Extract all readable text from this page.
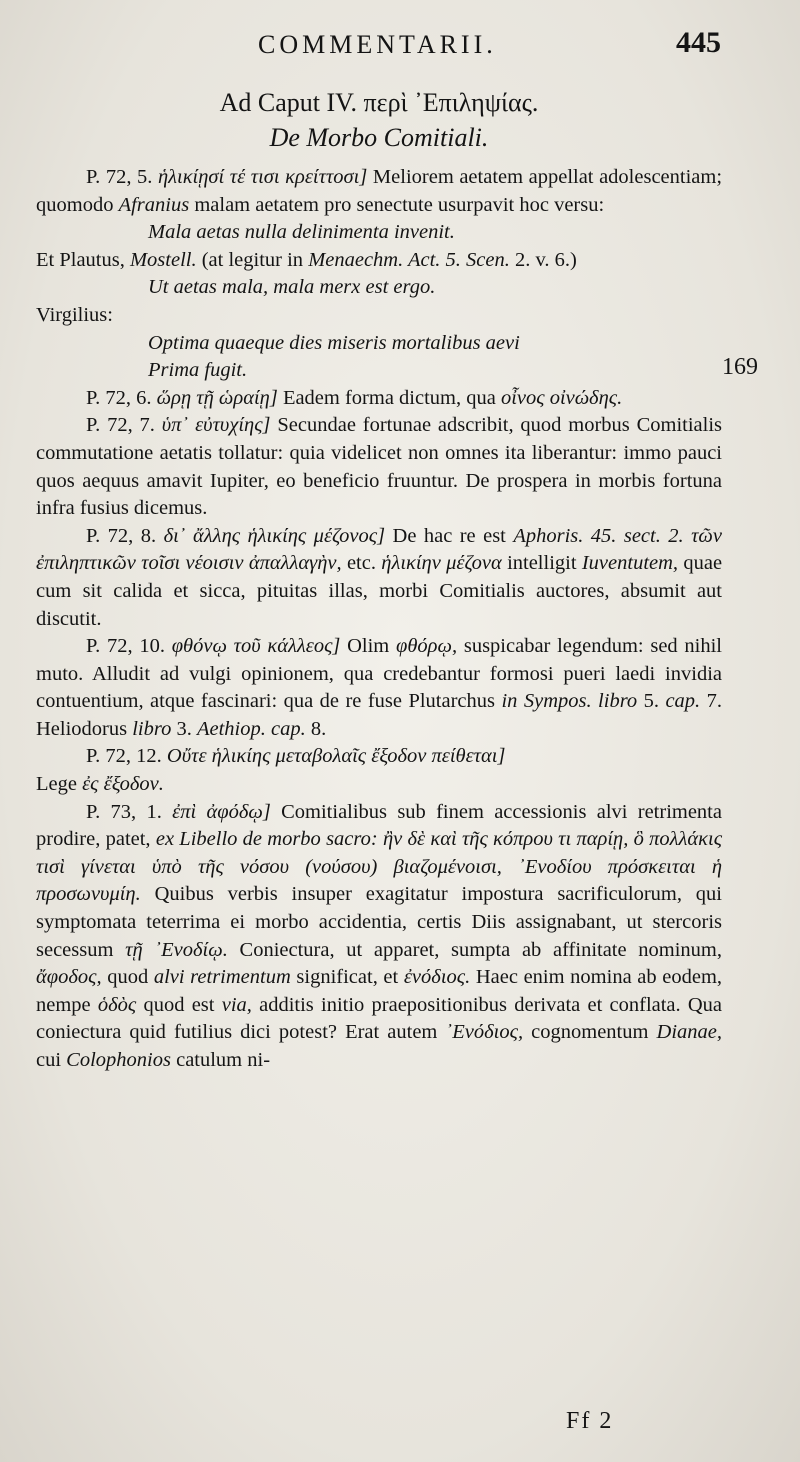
COMMENTARII.	445
169

Ad Caput IV. περὶ ᾿Επιληψίας.

De Morbo Comitiali.

P. 72, 5. ἡλικίῃσί τέ τισι κρείττοσι] Meliorem aetatem appellat adolescentiam; quomodo Afranius malam aetatem pro senectute usurpavit hoc versu:

Mala aetas nulla delinimenta invenit.

Et Plautus, Mostell. (at legitur in Menaechm. Act. 5. Scen. 2. v. 6.)

Ut aetas mala, mala merx est ergo.

Virgilius:

Optima quaeque dies miseris mortalibus aevi

Prima fugit.

P. 72, 6. ὥρῃ τῇ ὡραίῃ] Eadem forma dictum, qua οἶνος οἰνώδης.

P. 72, 7. ὑπ᾿ εὐτυχίης] Secundae fortunae adscribit, quod morbus Comitialis commutatione aetatis tollatur: quia videlicet non omnes ita liberantur: immo pauci quos aequus amavit Iupiter, eo beneficio fruuntur. De prospera in morbis fortuna infra fusius dicemus.

P. 72, 8. δι᾿ ἄλλης ἡλικίης μέζονος] De hac re est Aphoris. 45. sect. 2. τῶν ἐπιληπτικῶν τοῖσι νέοισιν ἀπαλλαγὴν, etc. ἡλικίην μέζονα intelligit Iuventutem, quae cum sit calida et sicca, pituitas illas, morbi Comitialis auctores, absumit aut discutit.

P. 72, 10. φθόνῳ τοῦ κάλλεος] Olim φθόρῳ, suspicabar legendum: sed nihil muto. Alludit ad vulgi opinionem, qua credebantur formosi pueri laedi invidia contuentium, atque fascinari: qua de re fuse Plutarchus in Sympos. libro 5. cap. 7. Heliodorus libro 3. Aethiop. cap. 8.

P. 72, 12. Οὔτε ἡλικίης μεταβολαῖς ἔξοδον πείθεται]

Lege ἐς ἔξοδον.

P. 73, 1. ἐπὶ ἀφόδῳ] Comitialibus sub finem accessionis alvi retrimenta prodire, patet, ex Libello de morbo sacro: ἢν δὲ καὶ τῆς κόπρου τι παρίῃ, ὃ πολλάκις τισὶ γίνεται ὑπὸ τῆς νόσου (νούσου) βιαζομένοισι, ᾿Ενοδίου πρόσκειται ἡ προσωνυμίη. Quibus verbis insuper exagitatur impostura sacrificulorum, qui symptomata teterrima ei morbo accidentia, certis Diis assignabant, ut stercoris secessum τῇ ᾿Ενοδίῳ. Coniectura, ut apparet, sumpta ab affinitate nominum, ἄφοδος, quod alvi retrimentum significat, et ἐνόδιος. Haec enim nomina ab eodem, nempe ὁδὸς quod est via, additis initio praepositionibus derivata et conflata. Qua coniectura quid futilius dici potest? Erat autem ᾿Ενόδιος, cognomentum Dianae, cui Colophonios catulum ni-

Ff 2
